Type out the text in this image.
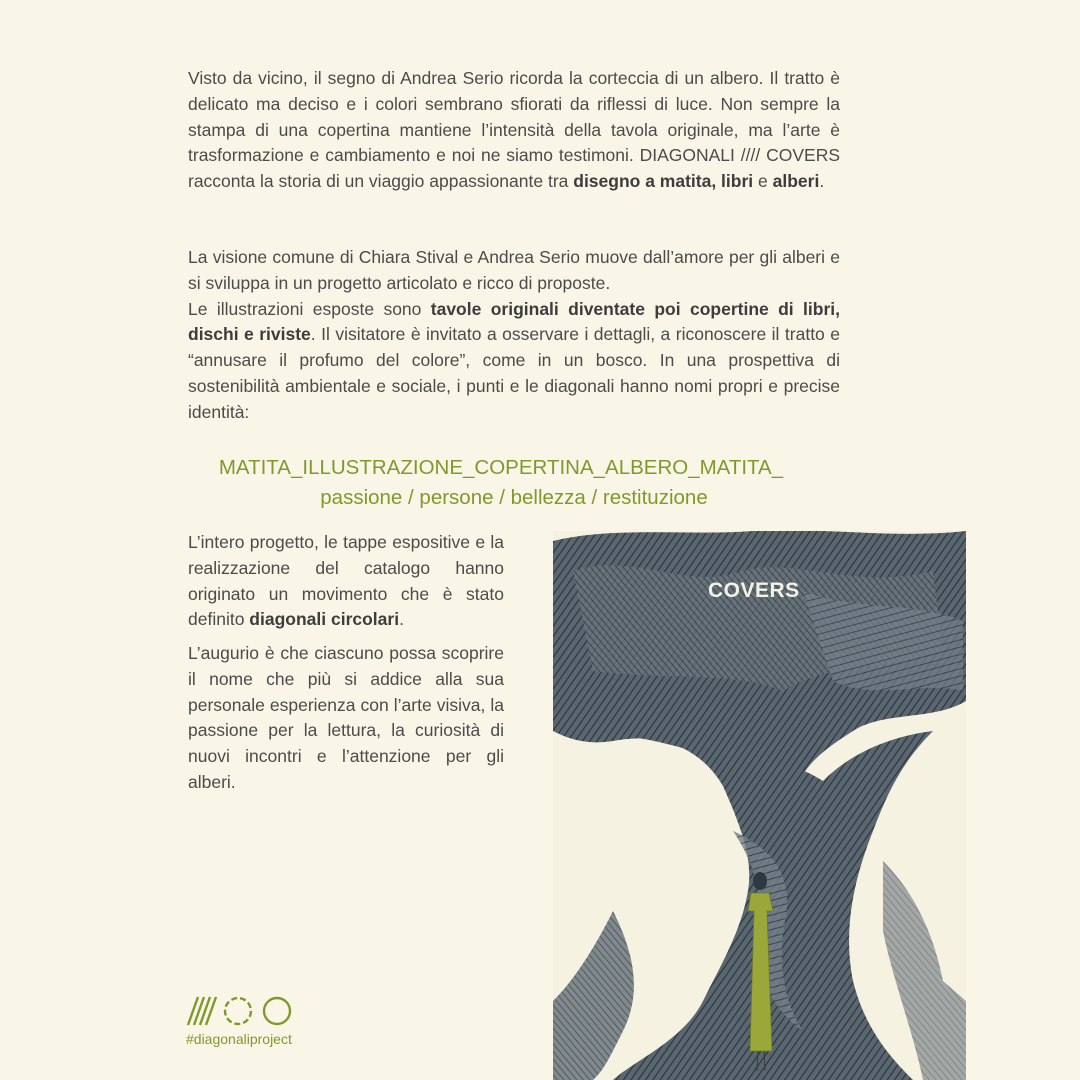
Visto da vicino, il segno di Andrea Serio ricorda la corteccia di un albero. Il tratto è delicato ma deciso e i colori sembrano sfiorati da riflessi di luce. Non sempre la stampa di una copertina mantiene l’intensità della tavola originale, ma l’arte è trasformazione e cambiamento e noi ne siamo testimoni. DIAGONALI //// COVERS racconta la storia di un viaggio appassionante tra disegno a matita, libri e alberi.

La visione comune di Chiara Stival e Andrea Serio muove dall’amore per gli alberi e si sviluppa in un progetto articolato e ricco di proposte.

Le illustrazioni esposte sono tavole originali diventate poi copertine di libri, dischi e riviste. Il visitatore è invitato a osservare i dettagli, a riconoscere il tratto e “annusare il profumo del colore”, come in un bosco. In una prospettiva di sostenibilità ambientale e sociale, i punti e le diagonali hanno nomi propri e precise identità:

MATITA_ILLUSTRAZIONE_COPERTINA_ALBERO_MATITA_
passione / persone / bellezza / restituzione
L’intero progetto, le tappe espositive e la realizzazione del catalogo hanno originato un movimento che è stato definito diagonali circolari.
L’augurio è che ciascuno possa scoprire il nome che più si addice alla sua personale esperienza con l’arte visiva, la passione per la lettura, la curiosità di nuovi incontri e l’attenzione per gli alberi.
COVERS
#diagonaliproject
